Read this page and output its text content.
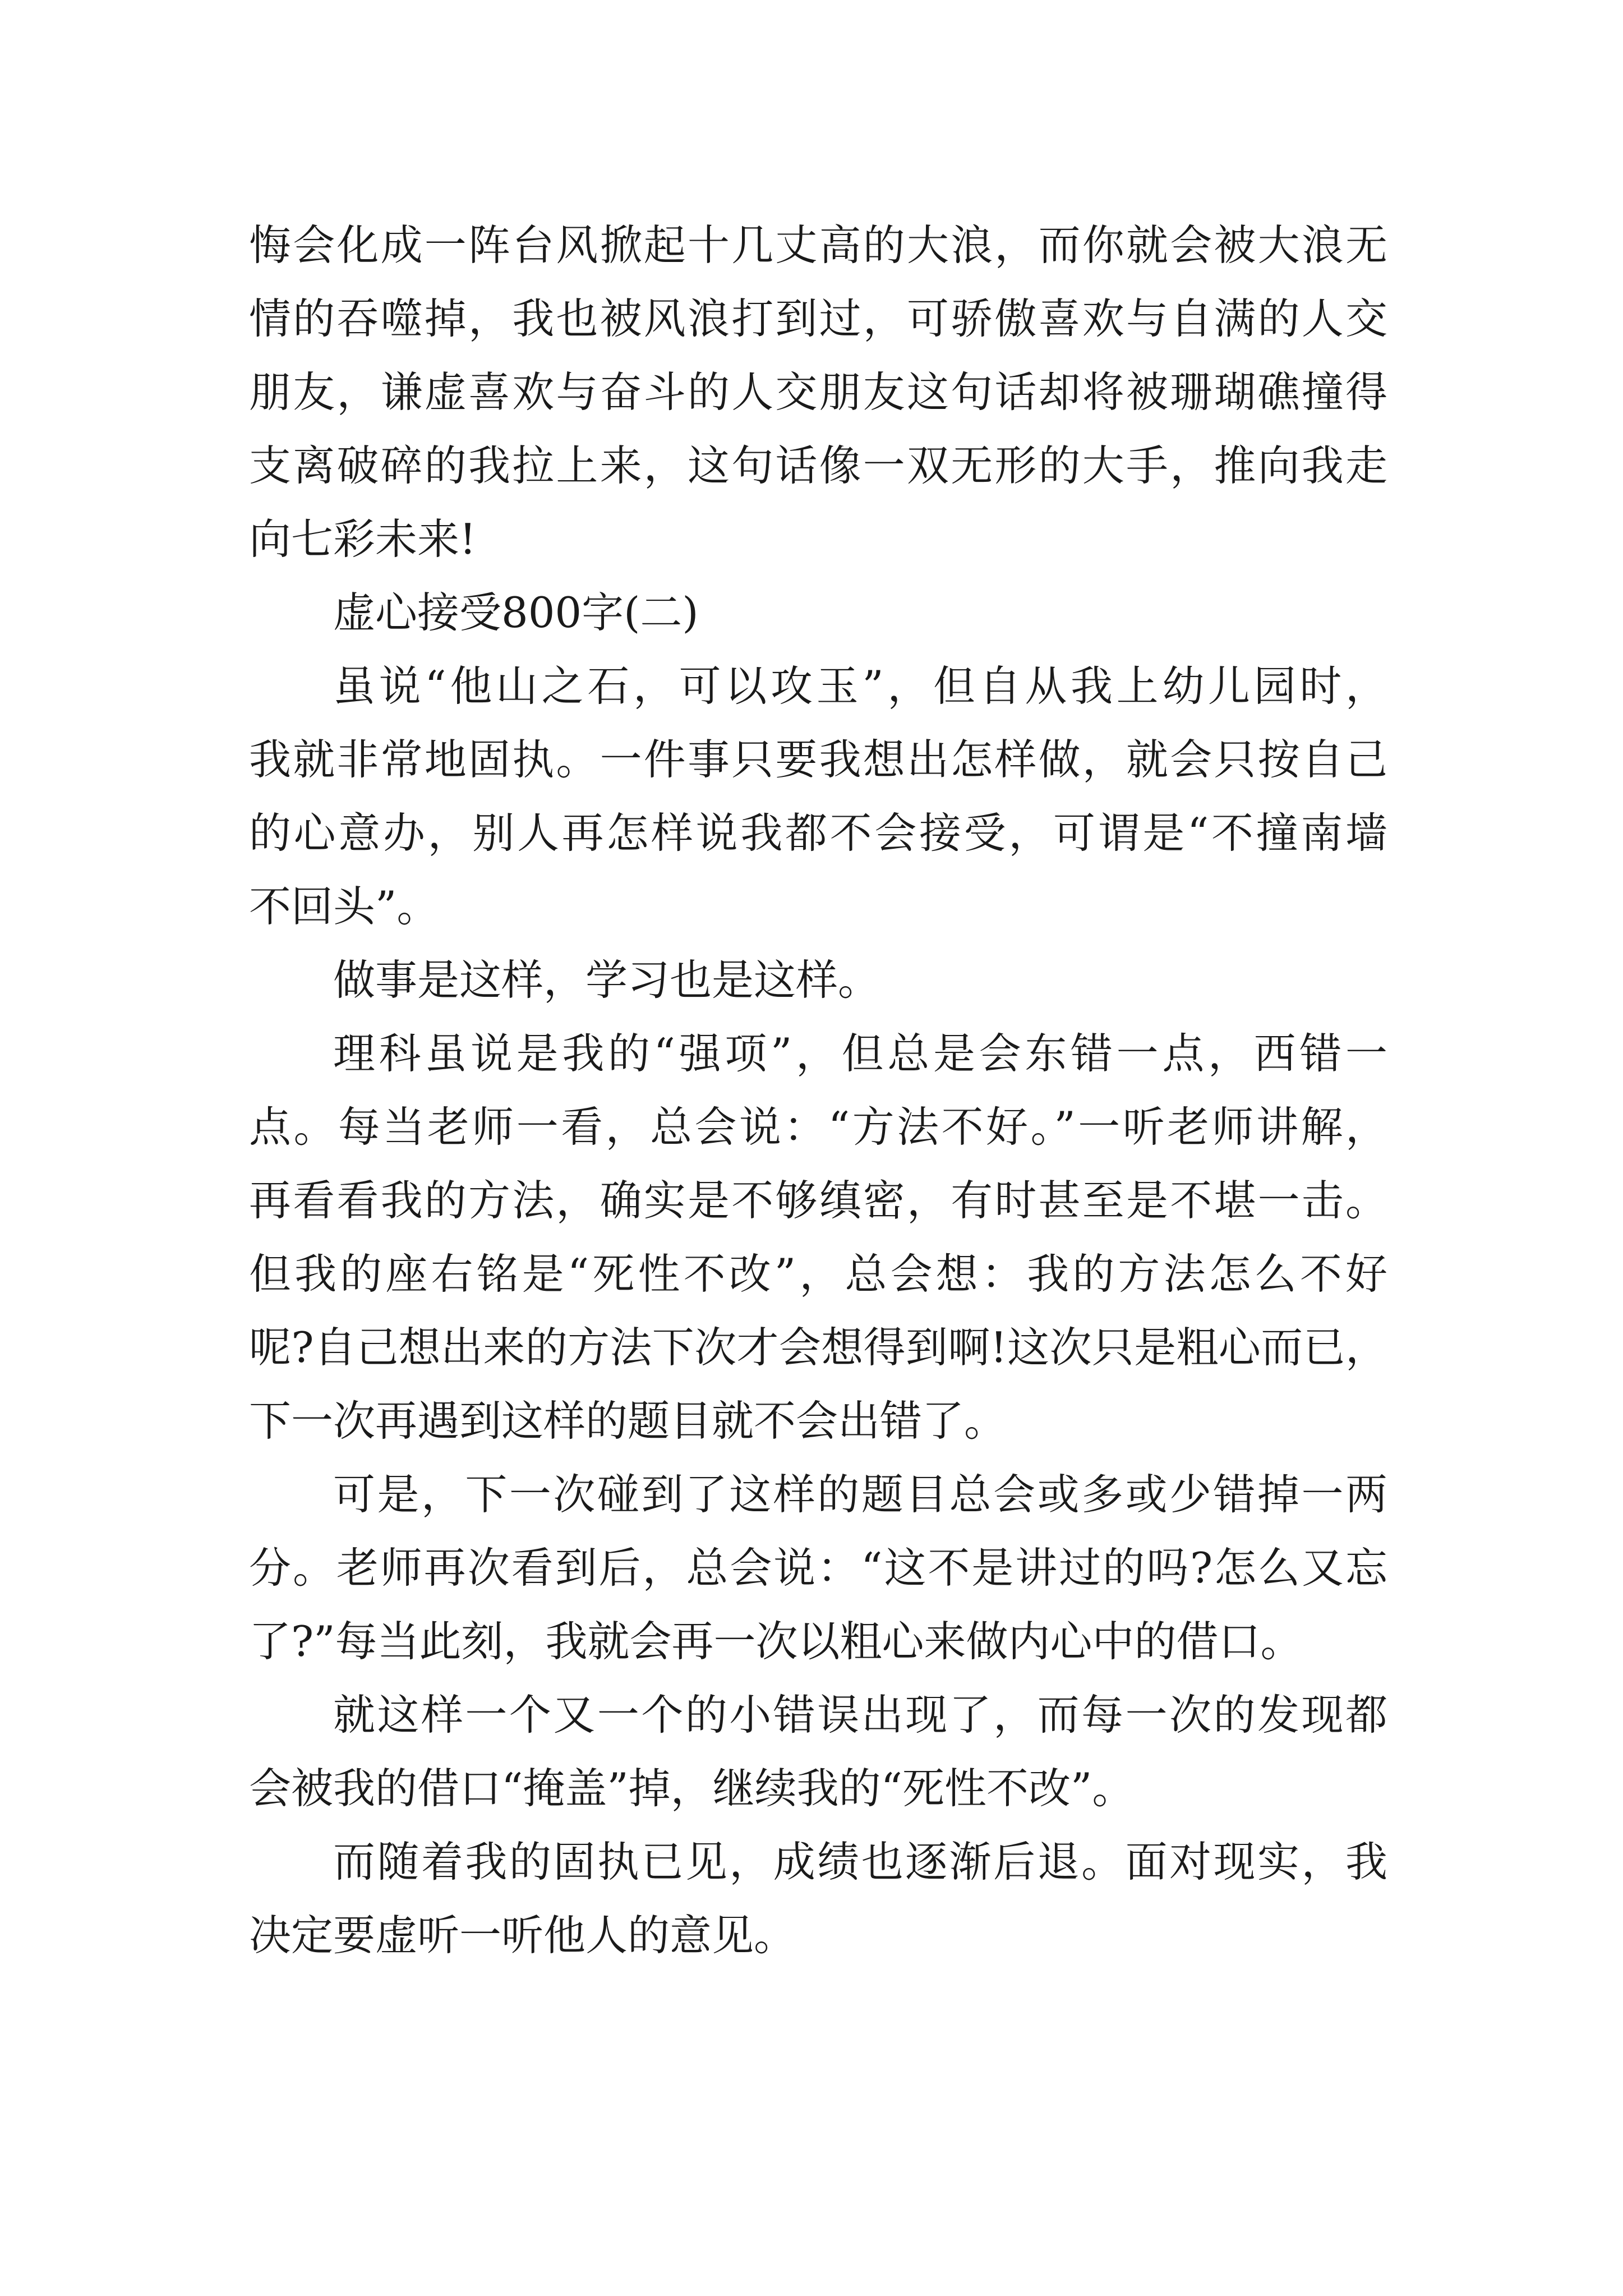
悔会化成一阵台风掀起十几丈高的大浪，而你就会被大浪无
情的吞噬掉，我也被风浪打到过，可骄傲喜欢与自满的人交
朋友，谦虚喜欢与奋斗的人交朋友这句话却将被珊瑚礁撞得
支离破碎的我拉上来，这句话像一双无形的大手，推向我走
向七彩未来!
虚心接受800字(二)
虽说“他山之石，可以攻玉”，但自从我上幼儿园时，
我就非常地固执。一件事只要我想出怎样做，就会只按自己
的心意办，别人再怎样说我都不会接受，可谓是“不撞南墙
不回头”。
做事是这样，学习也是这样。
理科虽说是我的“强项”，但总是会东错一点，西错一
点。每当老师一看，总会说：“方法不好。”一听老师讲解，
再看看我的方法，确实是不够缜密，有时甚至是不堪一击。
但我的座右铭是“死性不改”，总会想：我的方法怎么不好
呢?自己想出来的方法下次才会想得到啊!这次只是粗心而已，
下一次再遇到这样的题目就不会出错了。
可是，下一次碰到了这样的题目总会或多或少错掉一两
分。老师再次看到后，总会说：“这不是讲过的吗?怎么又忘
了?”每当此刻，我就会再一次以粗心来做内心中的借口。
就这样一个又一个的小错误出现了，而每一次的发现都
会被我的借口“掩盖”掉，继续我的“死性不改”。
而随着我的固执已见，成绩也逐渐后退。面对现实，我
决定要虚听一听他人的意见。
